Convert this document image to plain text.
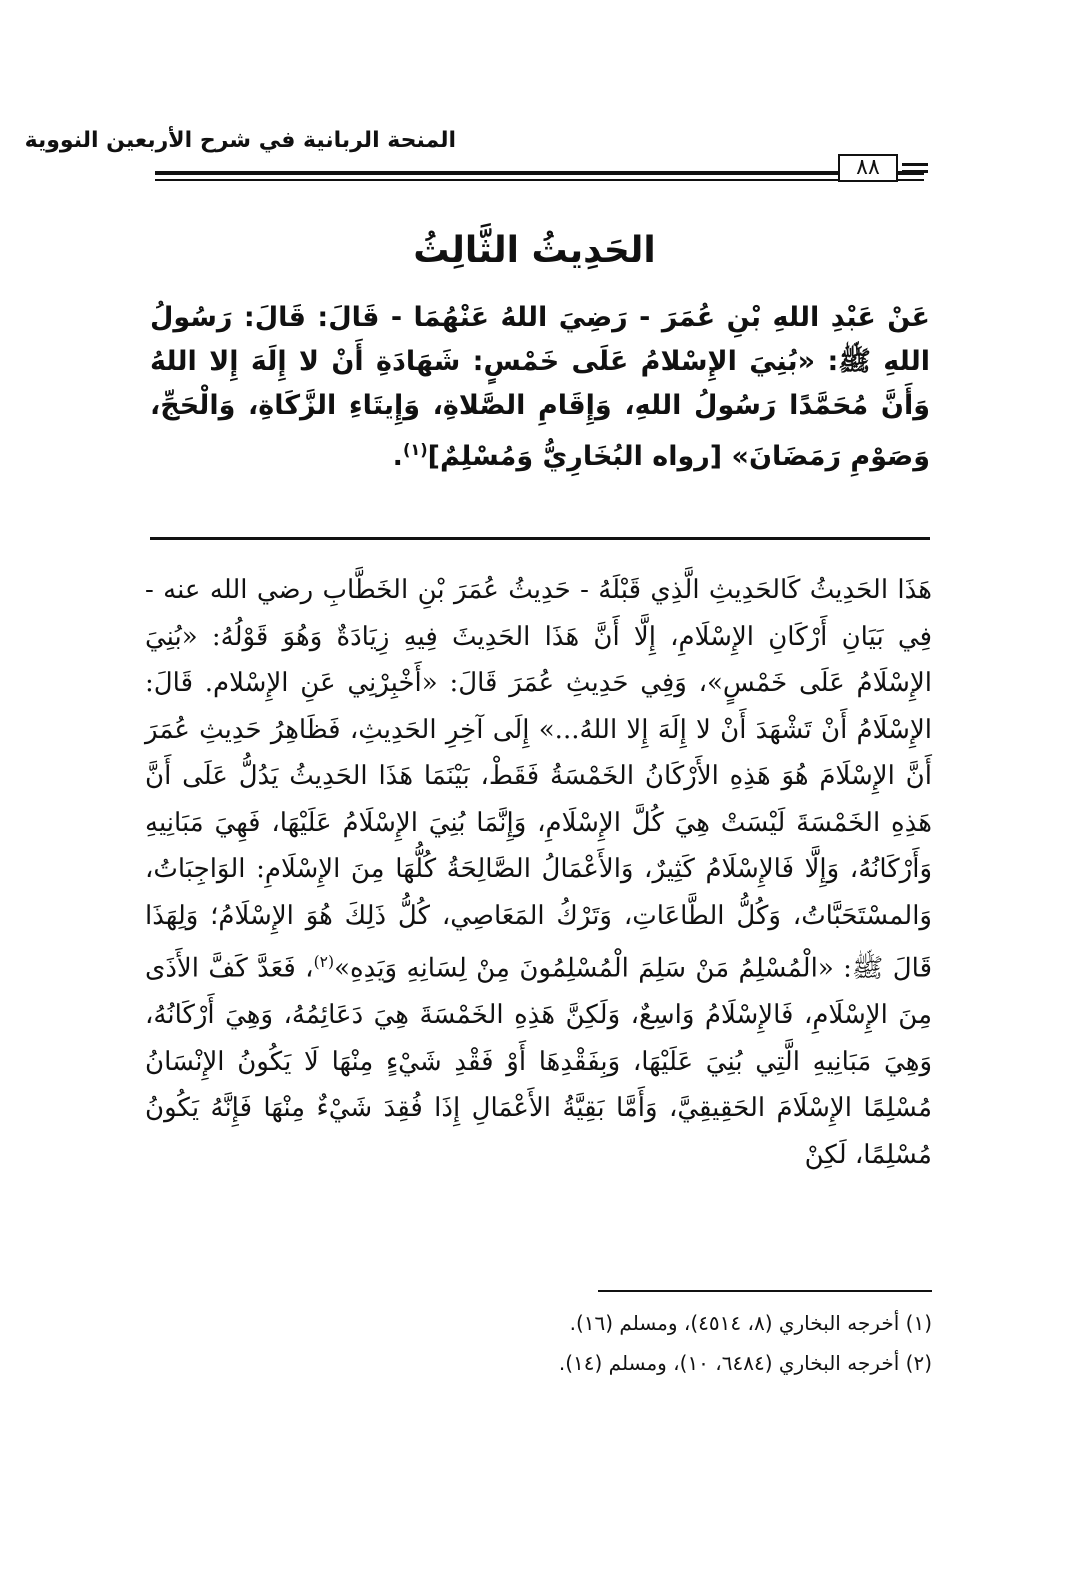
المنحة الربانية في شرح الأربعين النووية
٨٨
الحَدِيثُ الثَّالِثُ
عَنْ عَبْدِ اللهِ بْنِ عُمَرَ - رَضِيَ اللهُ عَنْهُمَا - قَالَ: قَالَ: رَسُولُ اللهِ ﷺ: «بُنِيَ الإِسْلامُ عَلَى خَمْسٍ: شَهَادَةِ أَنْ لا إِلَهَ إِلا اللهُ وَأَنَّ مُحَمَّدًا رَسُولُ اللهِ، وَإِقَامِ الصَّلاةِ، وَإِيتَاءِ الزَّكَاةِ، وَالْحَجِّ، وَصَوْمِ رَمَضَانَ» [رواه البُخَارِيُّ وَمُسْلِمٌ]$^{(١)}$.
هَذَا الحَدِيثُ كَالحَدِيثِ الَّذِي قَبْلَهُ - حَدِيثُ عُمَرَ بْنِ الخَطَّابِ رضي الله عنه - فِي بَيَانِ أَرْكَانِ الإِسْلَامِ، إِلَّا أَنَّ هَذَا الحَدِيثَ فِيهِ زِيَادَةٌ وَهُوَ قَوْلُهُ: «بُنِيَ الإِسْلَامُ عَلَى خَمْسٍ»، وَفِي حَدِيثِ عُمَرَ قَالَ: «أَخْبِرْنِي عَنِ الإِسْلام. قَالَ: الإِسْلَامُ أَنْ تَشْهَدَ أَنْ لا إِلَهَ إِلا اللهُ...» إِلَى آخِرِ الحَدِيثِ، فَظَاهِرُ حَدِيثِ عُمَرَ أَنَّ الإِسْلَامَ هُوَ هَذِهِ الأَرْكَانُ الخَمْسَةُ فَقَطْ، بَيْنَمَا هَذَا الحَدِيثُ يَدُلُّ عَلَى أَنَّ هَذِهِ الخَمْسَةَ لَيْسَتْ هِيَ كُلَّ الإِسْلَامِ، وَإِنَّمَا بُنِيَ الإِسْلَامُ عَلَيْهَا، فَهِيَ مَبَانِيهِ وَأَرْكَانُهُ، وَإِلَّا فَالإِسْلَامُ كَثِيرٌ، وَالأَعْمَالُ الصَّالِحَةُ كُلُّهَا مِنَ الإِسْلَامِ: الوَاجِبَاتُ، وَالمسْتَحَبَّاتُ، وَكُلُّ الطَّاعَاتِ، وَتَرْكُ المَعَاصِي، كُلُّ ذَلِكَ هُوَ الإِسْلَامُ؛ وَلِهَذَا قَالَ ﷺ: «الْمُسْلِمُ مَنْ سَلِمَ الْمُسْلِمُونَ مِنْ لِسَانِهِ وَيَدِهِ»$^{(٢)}$، فَعَدَّ كَفَّ الأَذَى مِنَ الإِسْلَامِ، فَالإِسْلَامُ وَاسِعٌ، وَلَكِنَّ هَذِهِ الخَمْسَةَ هِيَ دَعَائِمُهُ، وَهِيَ أَرْكَانُهُ، وَهِيَ مَبَانِيهِ الَّتِي بُنِيَ عَلَيْهَا، وَبِفَقْدِهَا أَوْ فَقْدِ شَيْءٍ مِنْهَا لَا يَكُونُ الإِنْسَانُ مُسْلِمًا الإِسْلَامَ الحَقِيقِيَّ، وَأَمَّا بَقِيَّةُ الأَعْمَالِ إِذَا فُقِدَ شَيْءٌ مِنْهَا فَإِنَّهُ يَكُونُ مُسْلِمًا، لَكِنْ
(١) أخرجه البخاري (٨، ٤٥١٤)، ومسلم (١٦).
(٢) أخرجه البخاري (٦٤٨٤، ١٠)، ومسلم (١٤).
